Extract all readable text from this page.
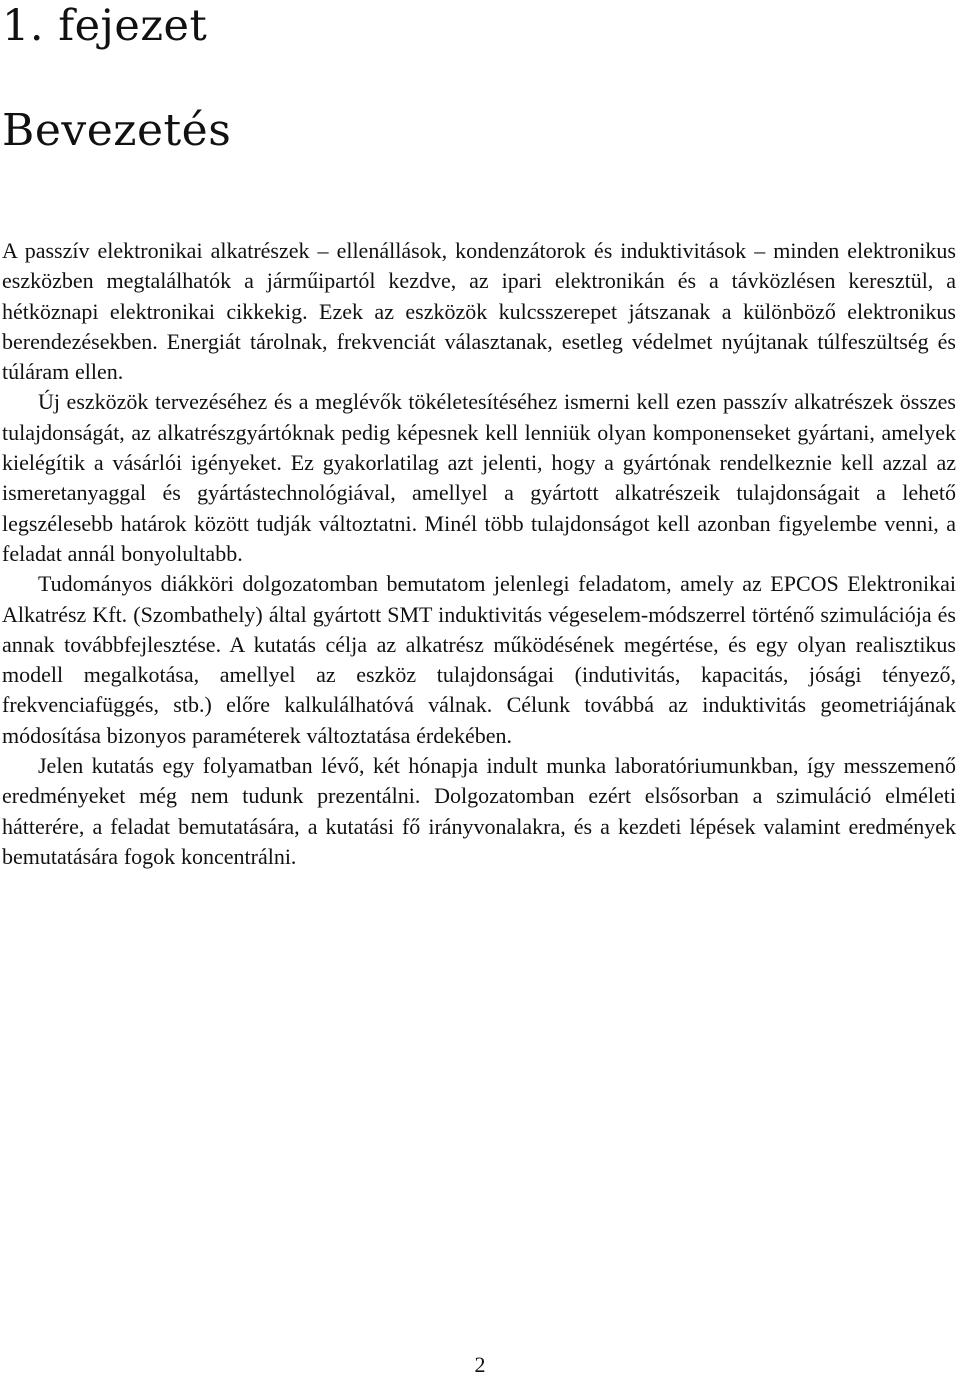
1. fejezet
Bevezetés

A passzív elektronikai alkatrészek – ellenállások, kondenzátorok és induktivitások – minden elektronikus eszközben megtalálhatók a járműipartól kezdve, az ipari elektronikán és a távközlésen keresztül, a hétköznapi elektronikai cikkekig. Ezek az eszközök kulcsszerepet játszanak a különböző elektronikus berendezésekben. Energiát tárolnak, frekvenciát választanak, esetleg védelmet nyújtanak túlfeszültség és túláram ellen.

Új eszközök tervezéséhez és a meglévők tökéletesítéséhez ismerni kell ezen passzív alkatrészek összes tulajdonságát, az alkatrészgyártóknak pedig képesnek kell lenniük olyan komponenseket gyártani, amelyek kielégítik a vásárlói igényeket. Ez gyakorlatilag azt jelenti, hogy a gyártónak rendelkeznie kell azzal az ismeretanyaggal és gyártástechnológiával, amellyel a gyártott alkatrészeik tulajdonságait a lehető legszélesebb határok között tudják változtatni. Minél több tulajdonságot kell azonban figyelembe venni, a feladat annál bonyolultabb.

Tudományos diákköri dolgozatomban bemutatom jelenlegi feladatom, amely az EPCOS Elektronikai Alkatrész Kft. (Szombathely) által gyártott SMT induktivitás végeselem-módszerrel történő szimulációja és annak továbbfejlesztése. A kutatás célja az alkatrész működésének megértése, és egy olyan realisztikus modell megalkotása, amellyel az eszköz tulajdonságai (indutivitás, kapacitás, jósági tényező, frekvenciafüggés, stb.) előre kalkulálhatóvá válnak. Célunk továbbá az induktivitás geometriájának módosítása bizonyos paraméterek változtatása érdekében.

Jelen kutatás egy folyamatban lévő, két hónapja indult munka laboratóriumunkban, így messzemenő eredményeket még nem tudunk prezentálni. Dolgozatomban ezért elsősorban a szimuláció elméleti hátterére, a feladat bemutatására, a kutatási fő irányvonalakra, és a kezdeti lépések valamint eredmények bemutatására fogok koncentrálni.

2
